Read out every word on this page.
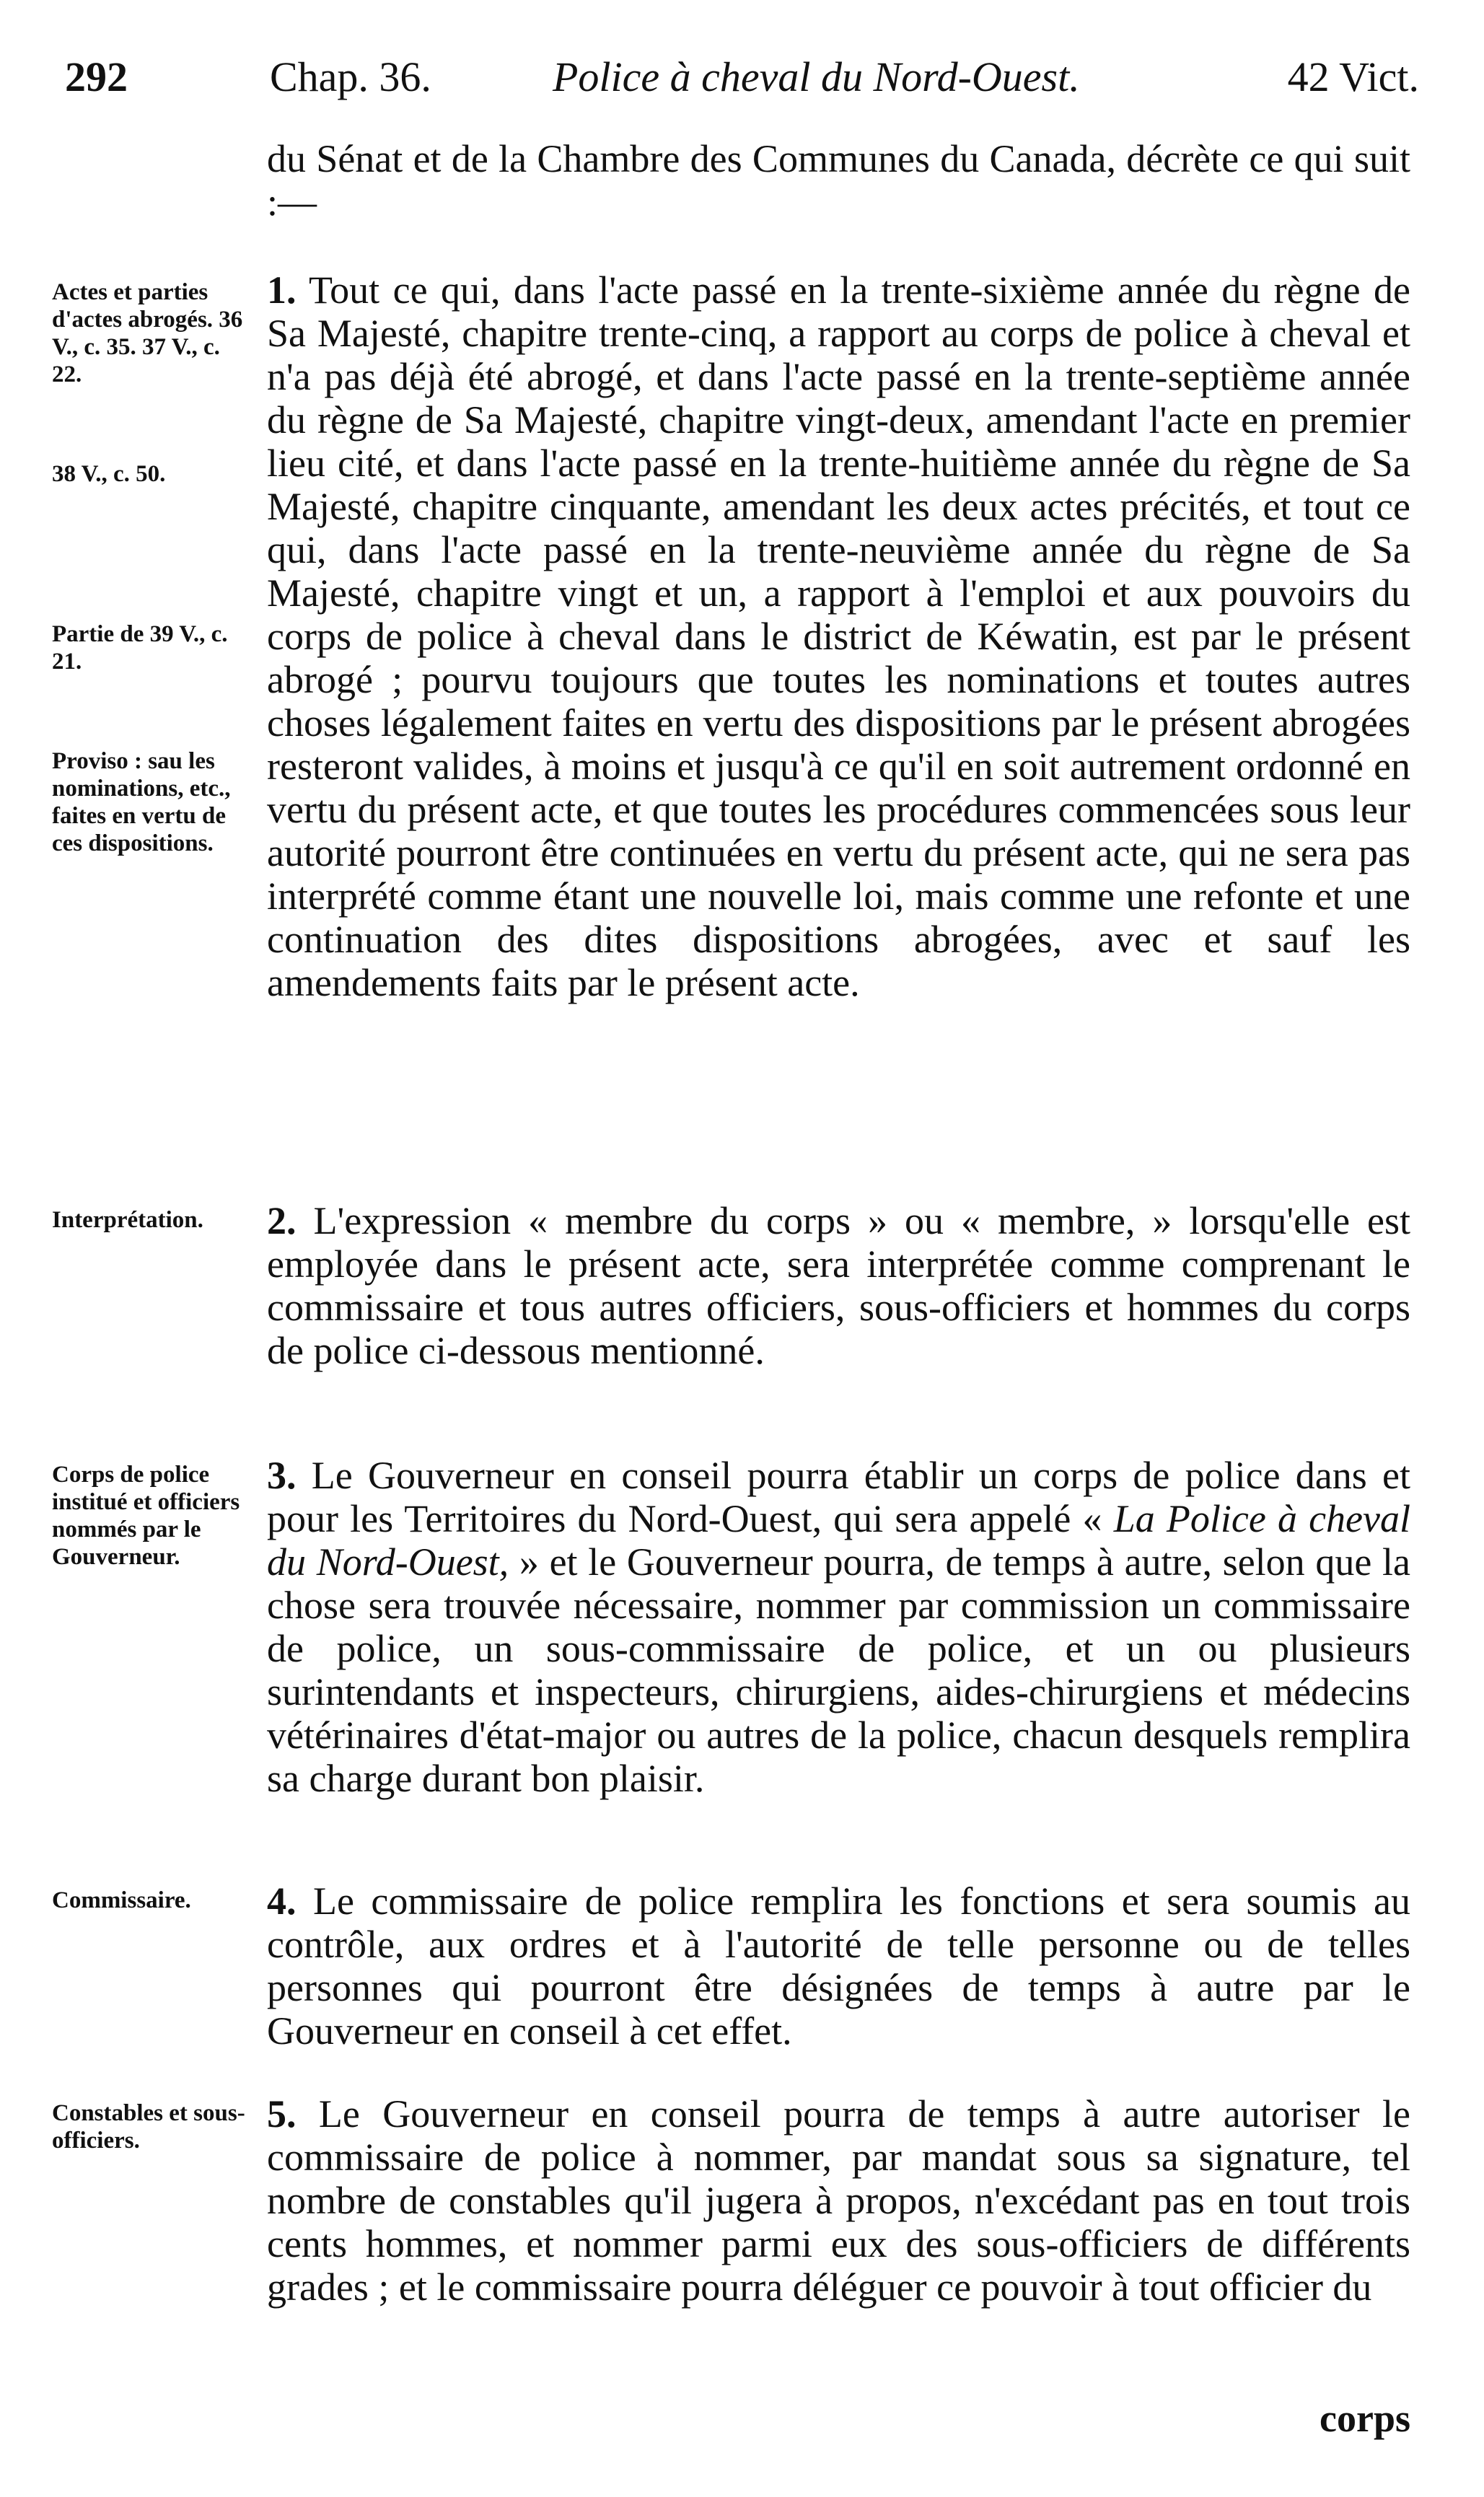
292	Chap. 36.	Police à cheval du Nord-Ouest.	42 Vict.

du Sénat et de la Chambre des Communes du Canada, décrète ce qui suit :—

1. Tout ce qui, dans l'acte passé en la trente-sixième année du règne de Sa Majesté, chapitre trente-cinq, a rapport au corps de police à cheval et n'a pas déjà été abrogé, et dans l'acte passé en la trente-septième année du règne de Sa Majesté, chapitre vingt-deux, amendant l'acte en premier lieu cité, et dans l'acte passé en la trente-huitième année du règne de Sa Majesté, chapitre cinquante, amendant les deux actes précités, et tout ce qui, dans l'acte passé en la trente-neuvième année du règne de Sa Majesté, chapitre vingt et un, a rapport à l'emploi et aux pouvoirs du corps de police à cheval dans le district de Kéwatin, est par le présent abrogé ; pourvu toujours que toutes les nominations et toutes autres choses légalement faites en vertu des dispositions par le présent abrogées resteront valides, à moins et jusqu'à ce qu'il en soit autrement ordonné en vertu du présent acte, et que toutes les procédures commencées sous leur autorité pourront être continuées en vertu du présent acte, qui ne sera pas interprété comme étant une nouvelle loi, mais comme une refonte et une continuation des dites dispositions abrogées, avec et sauf les amendements faits par le présent acte.

2. L'expression « membre du corps » ou « membre, » lorsqu'elle est employée dans le présent acte, sera interprétée comme comprenant le commissaire et tous autres officiers, sous-officiers et hommes du corps de police ci-dessous mentionné.

3. Le Gouverneur en conseil pourra établir un corps de police dans et pour les Territoires du Nord-Ouest, qui sera appelé « La Police à cheval du Nord-Ouest, » et le Gouverneur pourra, de temps à autre, selon que la chose sera trouvée nécessaire, nommer par commission un commissaire de police, un sous-commissaire de police, et un ou plusieurs surintendants et inspecteurs, chirurgiens, aides-chirurgiens et médecins vétérinaires d'état-major ou autres de la police, chacun desquels remplira sa charge durant bon plaisir.

4. Le commissaire de police remplira les fonctions et sera soumis au contrôle, aux ordres et à l'autorité de telle personne ou de telles personnes qui pourront être désignées de temps à autre par le Gouverneur en conseil à cet effet.

5. Le Gouverneur en conseil pourra de temps à autre autoriser le commissaire de police à nommer, par mandat sous sa signature, tel nombre de constables qu'il jugera à propos, n'excédant pas en tout trois cents hommes, et nommer parmi eux des sous-officiers de différents grades ; et le commissaire pourra déléguer ce pouvoir à tout officier du

Actes et parties d'actes abrogés. 36 V., c. 35. 37 V., c. 22.
38 V., c. 50.
Partie de 39 V., c. 21.
Proviso : sau les nominations, etc., faites en vertu de ces dispositions.
Interprétation.
Corps de police institué et officiers nommés par le Gouverneur.
Commissaire.
Constables et sous-officiers.
corps
